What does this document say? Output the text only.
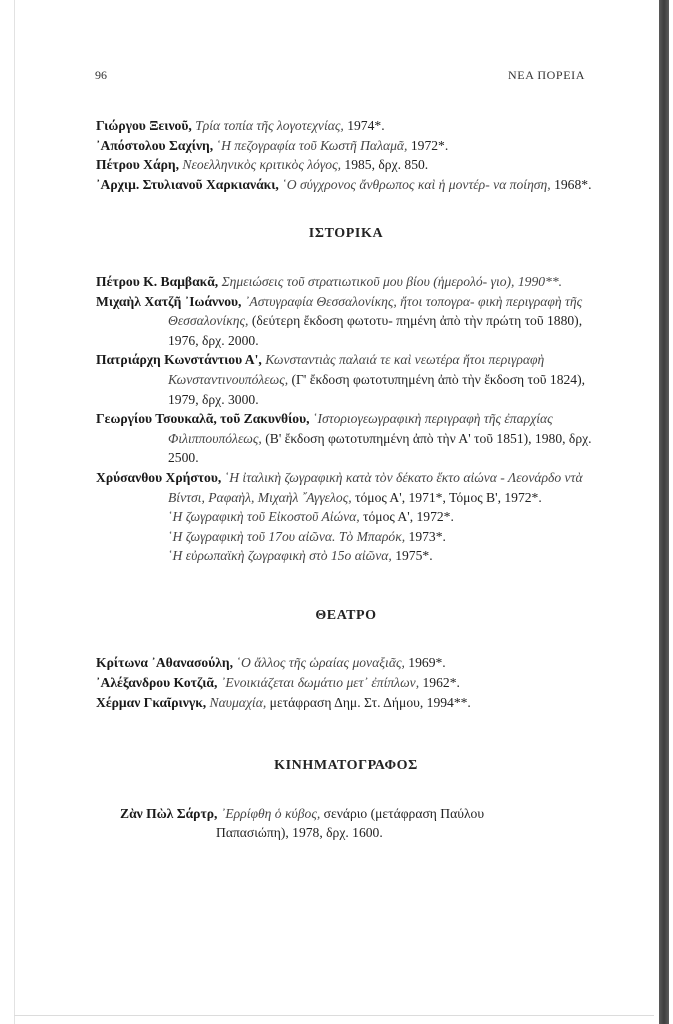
96	ΝΕΑ ΠΟΡΕΙΑ

Γιώργου Ξεινοῦ, Τρία τοπία τῆς λογοτεχνίας, 1974*.

᾿Απόστολου Σαχίνη, ῾Η πεζογραφία τοῦ Κωστῆ Παλαμᾶ, 1972*.

Πέτρου Χάρη, Νεοελληνικὸς κριτικὸς λόγος, 1985, δρχ. 850.

᾿Αρχιμ. Στυλιανοῦ Χαρκιανάκι, ῾Ο σύγχρονος ἄνθρωπος καὶ ἡ μοντέρ- να ποίηση, 1968*.

ΙΣΤΟΡΙΚΑ

Πέτρου Κ. Βαμβακᾶ, Σημειώσεις τοῦ στρατιωτικοῦ μου βίου (ἡμερολό- γιο), 1990**.

Μιχαὴλ Χατζῆ ᾿Ιωάννου, ᾿Αστυγραφία Θεσσαλονίκης, ἤτοι τοπογρα- φικὴ περιγραφὴ τῆς Θεσσαλονίκης, (δεύτερη ἔκδοση φωτοτυ- πημένη ἀπὸ τὴν πρώτη τοῦ 1880), 1976, δρχ. 2000.

Πατριάρχη Κωνστάντιου Α', Κωνσταντιὰς παλαιά τε καὶ νεωτέρα ἤτοι περιγραφὴ Κωνσταντινουπόλεως, (Γ' ἔκδοση φωτοτυπημένη ἀπὸ τὴν ἔκδοση τοῦ 1824), 1979, δρχ. 3000.

Γεωργίου Τσουκαλᾶ, τοῦ Ζακυνθίου, ῾Ιστοριογεωγραφικὴ περιγραφὴ τῆς ἐπαρχίας Φιλιππουπόλεως, (Β' ἔκδοση φωτοτυπημένη ἀπὸ τὴν Α' τοῦ 1851), 1980, δρχ. 2500.

Χρύσανθου Χρήστου, ῾Η ἰταλικὴ ζωγραφικὴ κατὰ τὸν δέκατο ἕκτο αἰώνα - Λεονάρδο ντὰ Βίντσι, Ραφαὴλ, Μιχαὴλ ῎Αγγελος, τόμος Α', 1971*, Τόμος Β', 1972*.
῾Η ζωγραφικὴ τοῦ Εἰκοστοῦ Αἰώνα, τόμος Α', 1972*.
῾Η ζωγραφικὴ τοῦ 17ου αἰῶνα. Τὸ Μπαρόκ, 1973*.
῾Η εὐρωπαϊκὴ ζωγραφικὴ στὸ 15ο αἰῶνα, 1975*.

ΘΕΑΤΡΟ

Κρίτωνα ᾿Αθανασούλη, ῾Ο ἄλλος τῆς ὡραίας μοναξιᾶς, 1969*.

᾿Αλέξανδρου Κοτζιᾶ, ᾿Ενοικιάζεται δωμάτιο μετ᾿ ἐπίπλων, 1962*.

Χέρμαν Γκαῖρινγκ, Ναυμαχία, μετάφραση Δημ. Στ. Δήμου, 1994**.

ΚΙΝΗΜΑΤΟΓΡΑΦΟΣ

Ζὰν Πὼλ Σάρτρ, ᾿Ερρίφθη ὁ κύβος, σενάριο (μετάφραση Παύλου
Παπασιώπη), 1978, δρχ. 1600.
